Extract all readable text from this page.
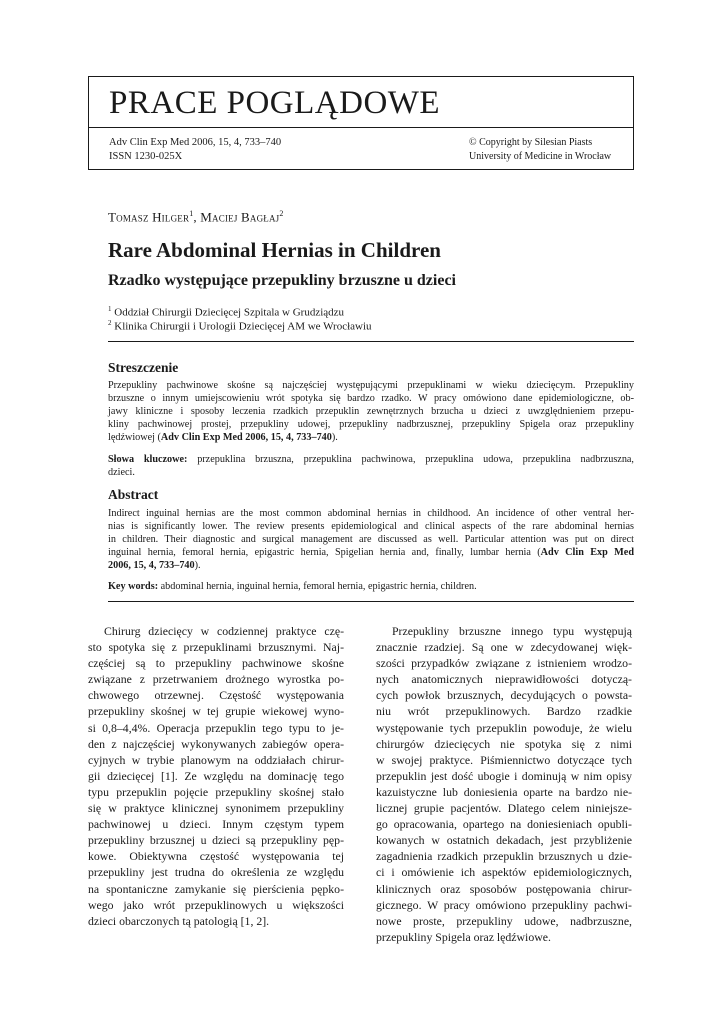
PRACE POGLĄDOWE
Adv Clin Exp Med 2006, 15, 4, 733–740
ISSN 1230-025X
© Copyright by Silesian Piasts
University of Medicine in Wrocław
Tomasz Hilger$^1$, Maciej Bagłaj$^2$
Rare Abdominal Hernias in Children
Rzadko występujące przepukliny brzuszne u dzieci
$^1$ Oddział Chirurgii Dziecięcej Szpitala w Grudziądzu
$^2$ Klinika Chirurgii i Urologii Dziecięcej AM we Wrocławiu
Streszczenie
Przepukliny pachwinowe skośne są najczęściej występującymi przepuklinami w wieku dziecięcym. Przepukliny
brzuszne o innym umiejscowieniu wrót spotyka się bardzo rzadko. W pracy omówiono dane epidemiologiczne, ob-
jawy kliniczne i sposoby leczenia rzadkich przepuklin zewnętrznych brzucha u dzieci z uwzględnieniem przepu-
kliny pachwinowej prostej, przepukliny udowej, przepukliny nadbrzusznej, przepukliny Spigela oraz przepukliny
lędźwiowej (Adv Clin Exp Med 2006, 15, 4, 733–740).
Słowa kluczowe: przepuklina brzuszna, przepuklina pachwinowa, przepuklina udowa, przepuklina nadbrzuszna,
dzieci.
Abstract
Indirect inguinal hernias are the most common abdominal hernias in childhood. An incidence of other ventral her-
nias is significantly lower. The review presents epidemiological and clinical aspects of the rare abdominal hernias
in children. Their diagnostic and surgical management are discussed as well. Particular attention was put on direct
inguinal hernia, femoral hernia, epigastric hernia, Spigelian hernia and, finally, lumbar hernia (Adv Clin Exp Med
2006, 15, 4, 733–740).
Key words: abdominal hernia, inguinal hernia, femoral hernia, epigastric hernia, children.
Chirurg dziecięcy w codziennej praktyce czę-
sto spotyka się z przepuklinami brzusznymi. Naj-
częściej są to przepukliny pachwinowe skośne
związane z przetrwaniem drożnego wyrostka po-
chwowego otrzewnej. Częstość występowania
przepukliny skośnej w tej grupie wiekowej wyno-
si 0,8–4,4%. Operacja przepuklin tego typu to je-
den z najczęściej wykonywanych zabiegów opera-
cyjnych w trybie planowym na oddziałach chirur-
gii dziecięcej [1]. Ze względu na dominację tego
typu przepuklin pojęcie przepukliny skośnej stało
się w praktyce klinicznej synonimem przepukliny
pachwinowej u dzieci. Innym częstym typem
przepukliny brzusznej u dzieci są przepukliny pęp-
kowe. Obiektywna częstość występowania tej
przepukliny jest trudna do określenia ze względu
na spontaniczne zamykanie się pierścienia pępko-
wego jako wrót przepuklinowych u większości
dzieci obarczonych tą patologią [1, 2].
Przepukliny brzuszne innego typu występują
znacznie rzadziej. Są one w zdecydowanej więk-
szości przypadków związane z istnieniem wrodzo-
nych anatomicznych nieprawidłowości dotyczą-
cych powłok brzusznych, decydujących o powsta-
niu wrót przepuklinowych. Bardzo rzadkie
występowanie tych przepuklin powoduje, że wielu
chirurgów dziecięcych nie spotyka się z nimi
w swojej praktyce. Piśmiennictwo dotyczące tych
przepuklin jest dość ubogie i dominują w nim opisy
kazuistyczne lub doniesienia oparte na bardzo nie-
licznej grupie pacjentów. Dlatego celem niniejsze-
go opracowania, opartego na doniesieniach opubli-
kowanych w ostatnich dekadach, jest przybliżenie
zagadnienia rzadkich przepuklin brzusznych u dzie-
ci i omówienie ich aspektów epidemiologicznych,
klinicznych oraz sposobów postępowania chirur-
gicznego. W pracy omówiono przepukliny pachwi-
nowe proste, przepukliny udowe, nadbrzuszne,
przepukliny Spigela oraz lędźwiowe.
